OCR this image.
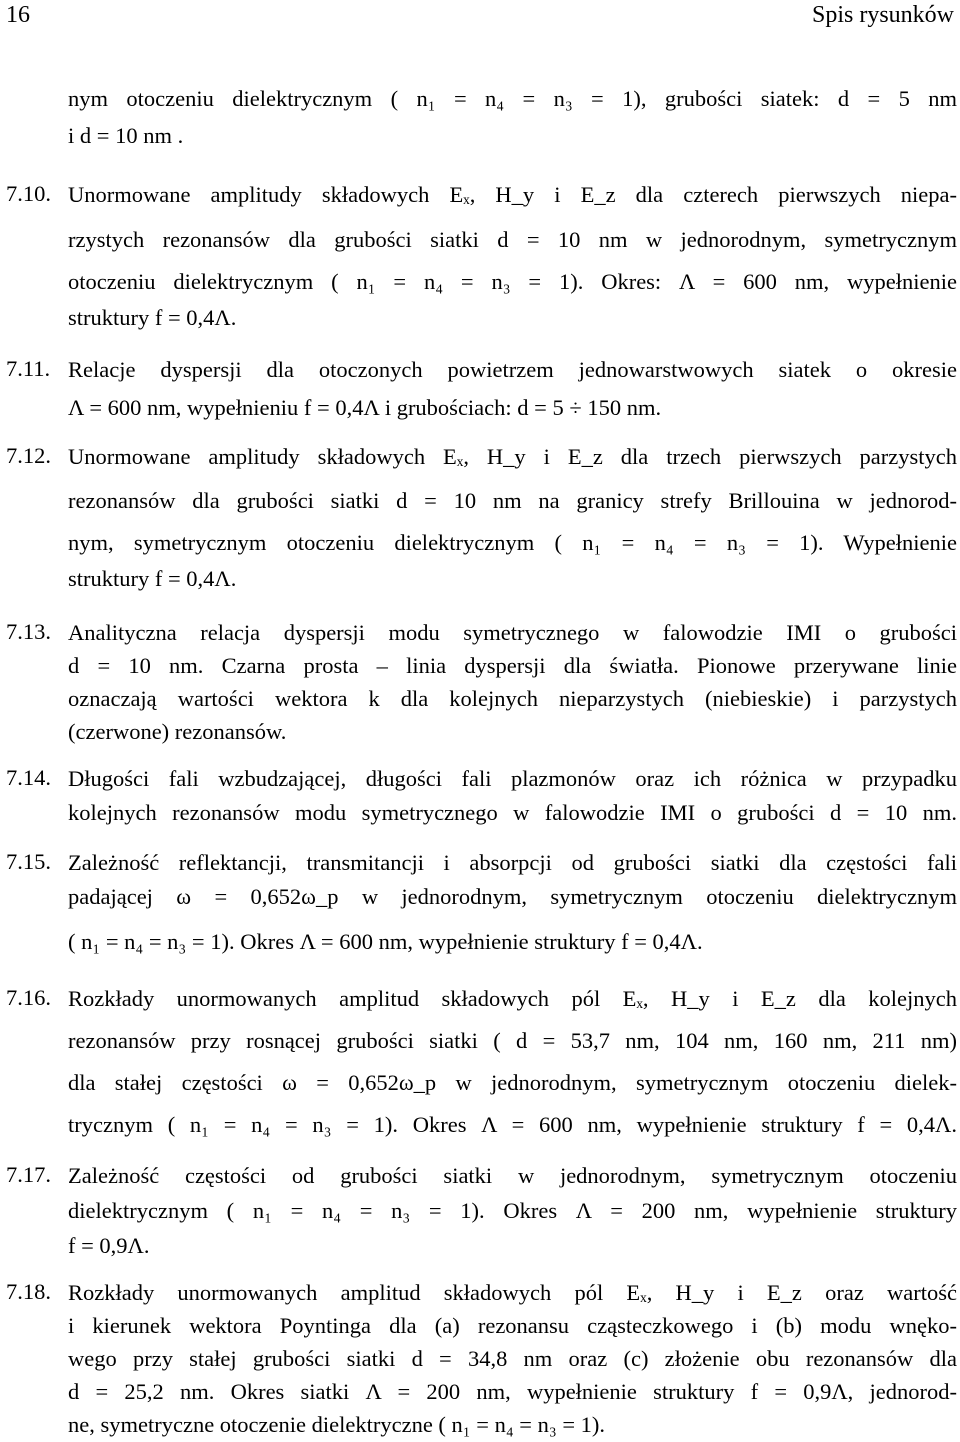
16	Spis rysunków
nym otoczeniu dielektrycznym ( n₁ = n₄ = n₃ = 1), grubości siatek: d = 5 nm
i d = 10 nm .
7.10. Unormowane amplitudy składowych Eₓ, H_y i E_z dla czterech pierwszych niepa-
rzystych rezonansów dla grubości siatki d = 10 nm w jednorodnym, symetrycznym
otoczeniu dielektrycznym ( n₁ = n₄ = n₃ = 1). Okres: Λ = 600 nm, wypełnienie
struktury f = 0,4Λ.
7.11. Relacje dyspersji dla otoczonych powietrzem jednowarstwowych siatek o okresie
Λ = 600 nm, wypełnieniu f = 0,4Λ i grubościach: d = 5 ÷ 150 nm.
7.12. Unormowane amplitudy składowych Eₓ, H_y i E_z dla trzech pierwszych parzystych
rezonansów dla grubości siatki d = 10 nm na granicy strefy Brillouina w jednorod-
nym, symetrycznym otoczeniu dielektrycznym ( n₁ = n₄ = n₃ = 1). Wypełnienie
struktury f = 0,4Λ.
7.13. Analityczna relacja dyspersji modu symetrycznego w falowodzie IMI o grubości
d = 10 nm. Czarna prosta – linia dyspersji dla światła. Pionowe przerywane linie
oznaczają wartości wektora k dla kolejnych nieparzystych (niebieskie) i parzystych
(czerwone) rezonansów.
7.14. Długości fali wzbudzającej, długości fali plazmonów oraz ich różnica w przypadku
kolejnych rezonansów modu symetrycznego w falowodzie IMI o grubości d = 10 nm.
7.15. Zależność reflektancji, transmitancji i absorpcji od grubości siatki dla częstości fali
padającej ω = 0,652ω_p w jednorodnym, symetrycznym otoczeniu dielektrycznym
( n₁ = n₄ = n₃ = 1). Okres Λ = 600 nm, wypełnienie struktury f = 0,4Λ.
7.16. Rozkłady unormowanych amplitud składowych pól Eₓ, H_y i E_z dla kolejnych
rezonansów przy rosnącej grubości siatki ( d = 53,7 nm, 104 nm, 160 nm, 211 nm)
dla stałej częstości ω = 0,652ω_p w jednorodnym, symetrycznym otoczeniu dielek-
trycznym ( n₁ = n₄ = n₃ = 1). Okres Λ = 600 nm, wypełnienie struktury f = 0,4Λ.
7.17. Zależność częstości od grubości siatki w jednorodnym, symetrycznym otoczeniu
dielektrycznym ( n₁ = n₄ = n₃ = 1). Okres Λ = 200 nm, wypełnienie struktury
f = 0,9Λ.
7.18. Rozkłady unormowanych amplitud składowych pól Eₓ, H_y i E_z oraz wartość
i kierunek wektora Poyntinga dla (a) rezonansu cząsteczkowego i (b) modu wnęko-
wego przy stałej grubości siatki d = 34,8 nm oraz (c) złożenie obu rezonansów dla
d = 25,2 nm. Okres siatki Λ = 200 nm, wypełnienie struktury f = 0,9Λ, jednorod-
ne, symetryczne otoczenie dielektryczne ( n₁ = n₄ = n₃ = 1).
